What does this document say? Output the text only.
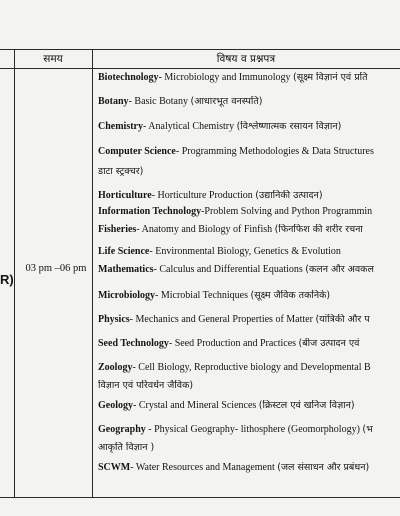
समय	विषय व प्रश्नपत्र
R)
03 pm –06 pm
Biotechnology- Microbiology and Immunology (सूक्ष्म विज्ञानं एवं प्रति
Botany- Basic Botany (आधारभूत वनस्पति)
Chemistry- Analytical Chemistry (विश्लेष्णात्मक रसायन विज्ञान)
Computer Science- Programming Methodologies & Data Structures
डाटा स्ट्रक्चर)
Horticulture- Horticulture Production (उद्यानिकी उत्पादन)
Information Technology-Problem Solving and Python Programmin
Fisheries- Anatomy and Biology of Finfish (फिनफिश की शरीर रचना
Life Science- Environmental Biology, Genetics & Evolution
Mathematics- Calculus and Differential Equations (कलन और अवकल
Microbiology- Microbial Techniques (सूक्ष्म जैविक तकनिके)
Physics- Mechanics and General Properties of Matter (यांत्रिकी और प
Seed Technology- Seed Production and Practices (बीज उत्पादन एवं
Zoology- Cell Biology, Reproductive biology and Developmental B
विज्ञान एवं परिवर्धन जैविक)
Geology- Crystal and Mineral Sciences (क्रिस्टल एवं खनिज विज्ञान)
Geography - Physical Geography- lithosphere (Geomorphology) (भ
आकृति विज्ञान )
SCWM- Water Resources and Management (जल संसाधन और प्रबंधन)
